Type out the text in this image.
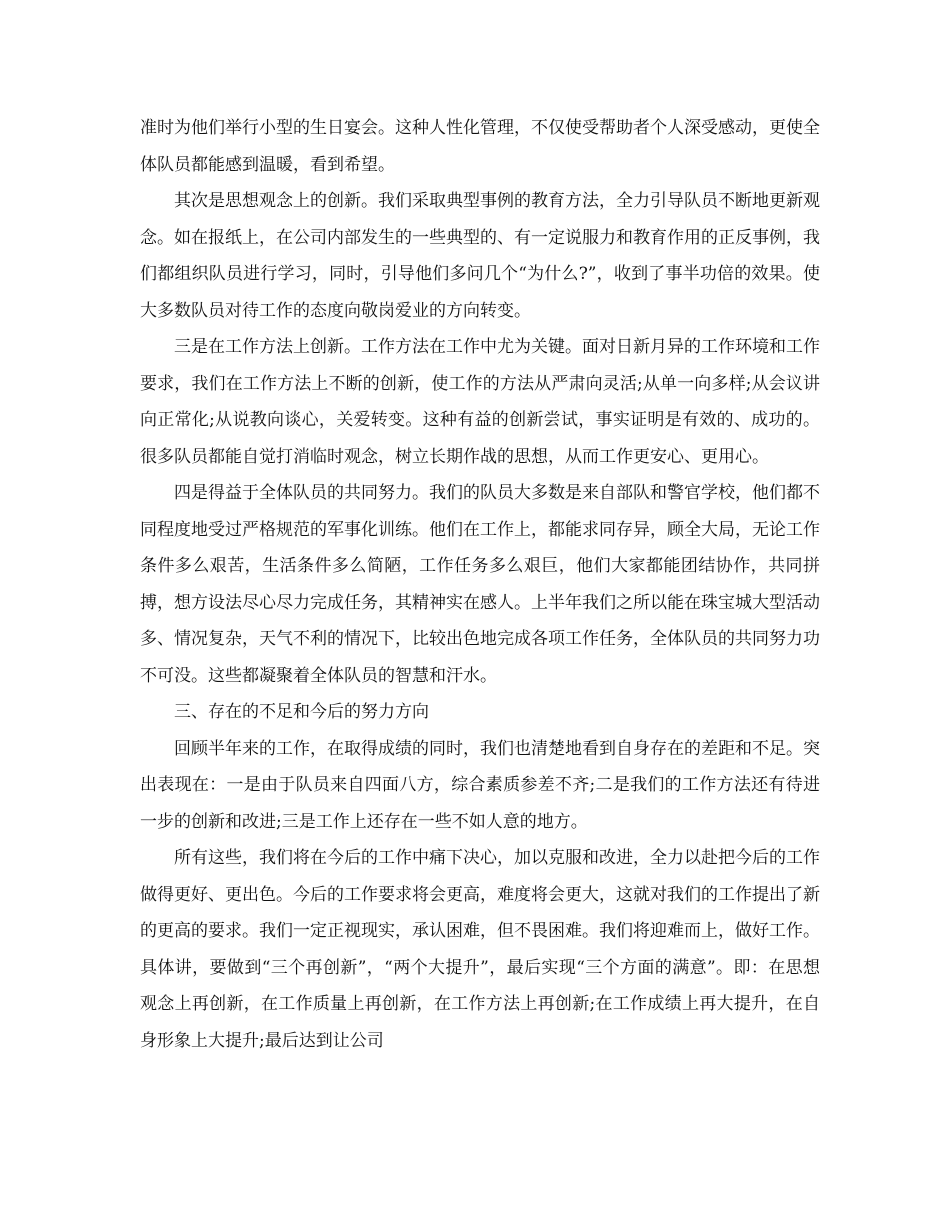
准时为他们举行小型的生日宴会。这种人性化管理，不仅使受帮助者个人深受感动，更使全体队员都能感到温暖，看到希望。

其次是思想观念上的创新。我们采取典型事例的教育方法，全力引导队员不断地更新观念。如在报纸上，在公司内部发生的一些典型的、有一定说服力和教育作用的正反事例，我们都组织队员进行学习，同时，引导他们多问几个“为什么?”，收到了事半功倍的效果。使大多数队员对待工作的态度向敬岗爱业的方向转变。

三是在工作方法上创新。工作方法在工作中尤为关键。面对日新月异的工作环境和工作要求，我们在工作方法上不断的创新，使工作的方法从严肃向灵活;从单一向多样;从会议讲向正常化;从说教向谈心，关爱转变。这种有益的创新尝试，事实证明是有效的、成功的。很多队员都能自觉打消临时观念，树立长期作战的思想，从而工作更安心、更用心。

四是得益于全体队员的共同努力。我们的队员大多数是来自部队和警官学校，他们都不同程度地受过严格规范的军事化训练。他们在工作上，都能求同存异，顾全大局，无论工作条件多么艰苦，生活条件多么简陋，工作任务多么艰巨，他们大家都能团结协作，共同拼搏，想方设法尽心尽力完成任务，其精神实在感人。上半年我们之所以能在珠宝城大型活动多、情况复杂，天气不利的情况下，比较出色地完成各项工作任务，全体队员的共同努力功不可没。这些都凝聚着全体队员的智慧和汗水。

三、存在的不足和今后的努力方向

回顾半年来的工作，在取得成绩的同时，我们也清楚地看到自身存在的差距和不足。突出表现在：一是由于队员来自四面八方，综合素质参差不齐;二是我们的工作方法还有待进一步的创新和改进;三是工作上还存在一些不如人意的地方。

所有这些，我们将在今后的工作中痛下决心，加以克服和改进，全力以赴把今后的工作做得更好、更出色。今后的工作要求将会更高，难度将会更大，这就对我们的工作提出了新的更高的要求。我们一定正视现实，承认困难，但不畏困难。我们将迎难而上，做好工作。具体讲，要做到“三个再创新”，“两个大提升”，最后实现“三个方面的满意”。即：在思想观念上再创新，在工作质量上再创新，在工作方法上再创新;在工作成绩上再大提升，在自身形象上大提升;最后达到让公司
